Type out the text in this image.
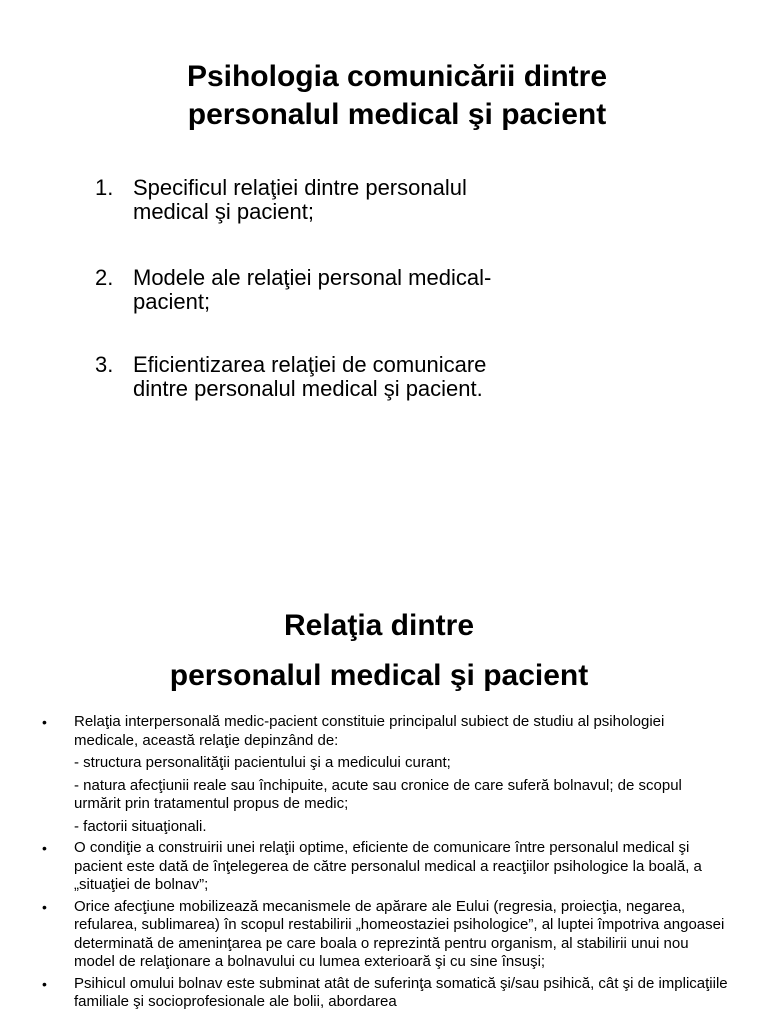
Psihologia comunicării dintre
personalul medical şi pacient
1. Specificul relaţiei dintre personalul
medical şi pacient;
2. Modele ale relaţiei personal medical-
pacient;
3. Eficientizarea relaţiei de comunicare
dintre personalul medical şi pacient.
Relaţia dintre
personalul medical şi pacient
• Relaţia interpersonală medic-pacient constituie principalul subiect de studiu al psihologiei medicale, această relaţie depinzând de:
- structura personalităţii pacientului şi a medicului curant;
- natura afecţiunii reale sau închipuite, acute sau cronice de care suferă bolnavul; de scopul urmărit prin tratamentul propus de medic;
- factorii situaţionali.
• O condiţie a construirii unei relaţii optime, eficiente de comunicare între personalul medical şi pacient este dată de înţelegerea de către personalul medical a reacţiilor psihologice la boală, a „situaţiei de bolnav”;
• Orice afecţiune mobilizează mecanismele de apărare ale Eului (regresia, proiecţia, negarea, refularea, sublimarea) în scopul restabilirii „homeostaziei psihologice”, al luptei împotriva angoasei determinată de ameninţarea pe care boala o reprezintă pentru organism, al stabilirii unui nou model de relaţionare a bolnavului cu lumea exterioară şi cu sine însuşi;
• Psihicul omului bolnav este subminat atât de suferinţa somatică şi/sau psihică, cât şi de implicaţiile familiale şi socioprofesionale ale bolii, abordarea
